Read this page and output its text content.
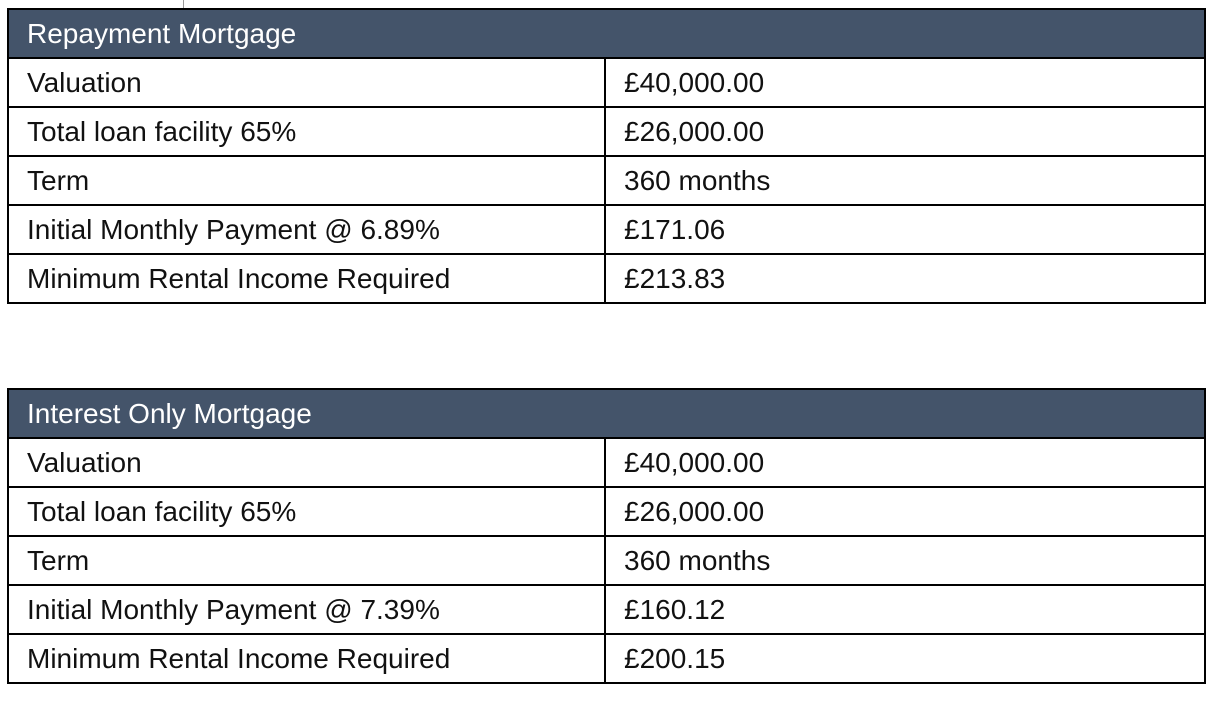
Repayment Mortgage	
Valuation	£40,000.00
Total loan facility 65%	£26,000.00
Term	360 months
Initial Monthly Payment @ 6.89%	£171.06
Minimum Rental Income Required	£213.83
Interest Only Mortgage	
Valuation	£40,000.00
Total loan facility 65%	£26,000.00
Term	360 months
Initial Monthly Payment @ 7.39%	£160.12
Minimum Rental Income Required	£200.15
